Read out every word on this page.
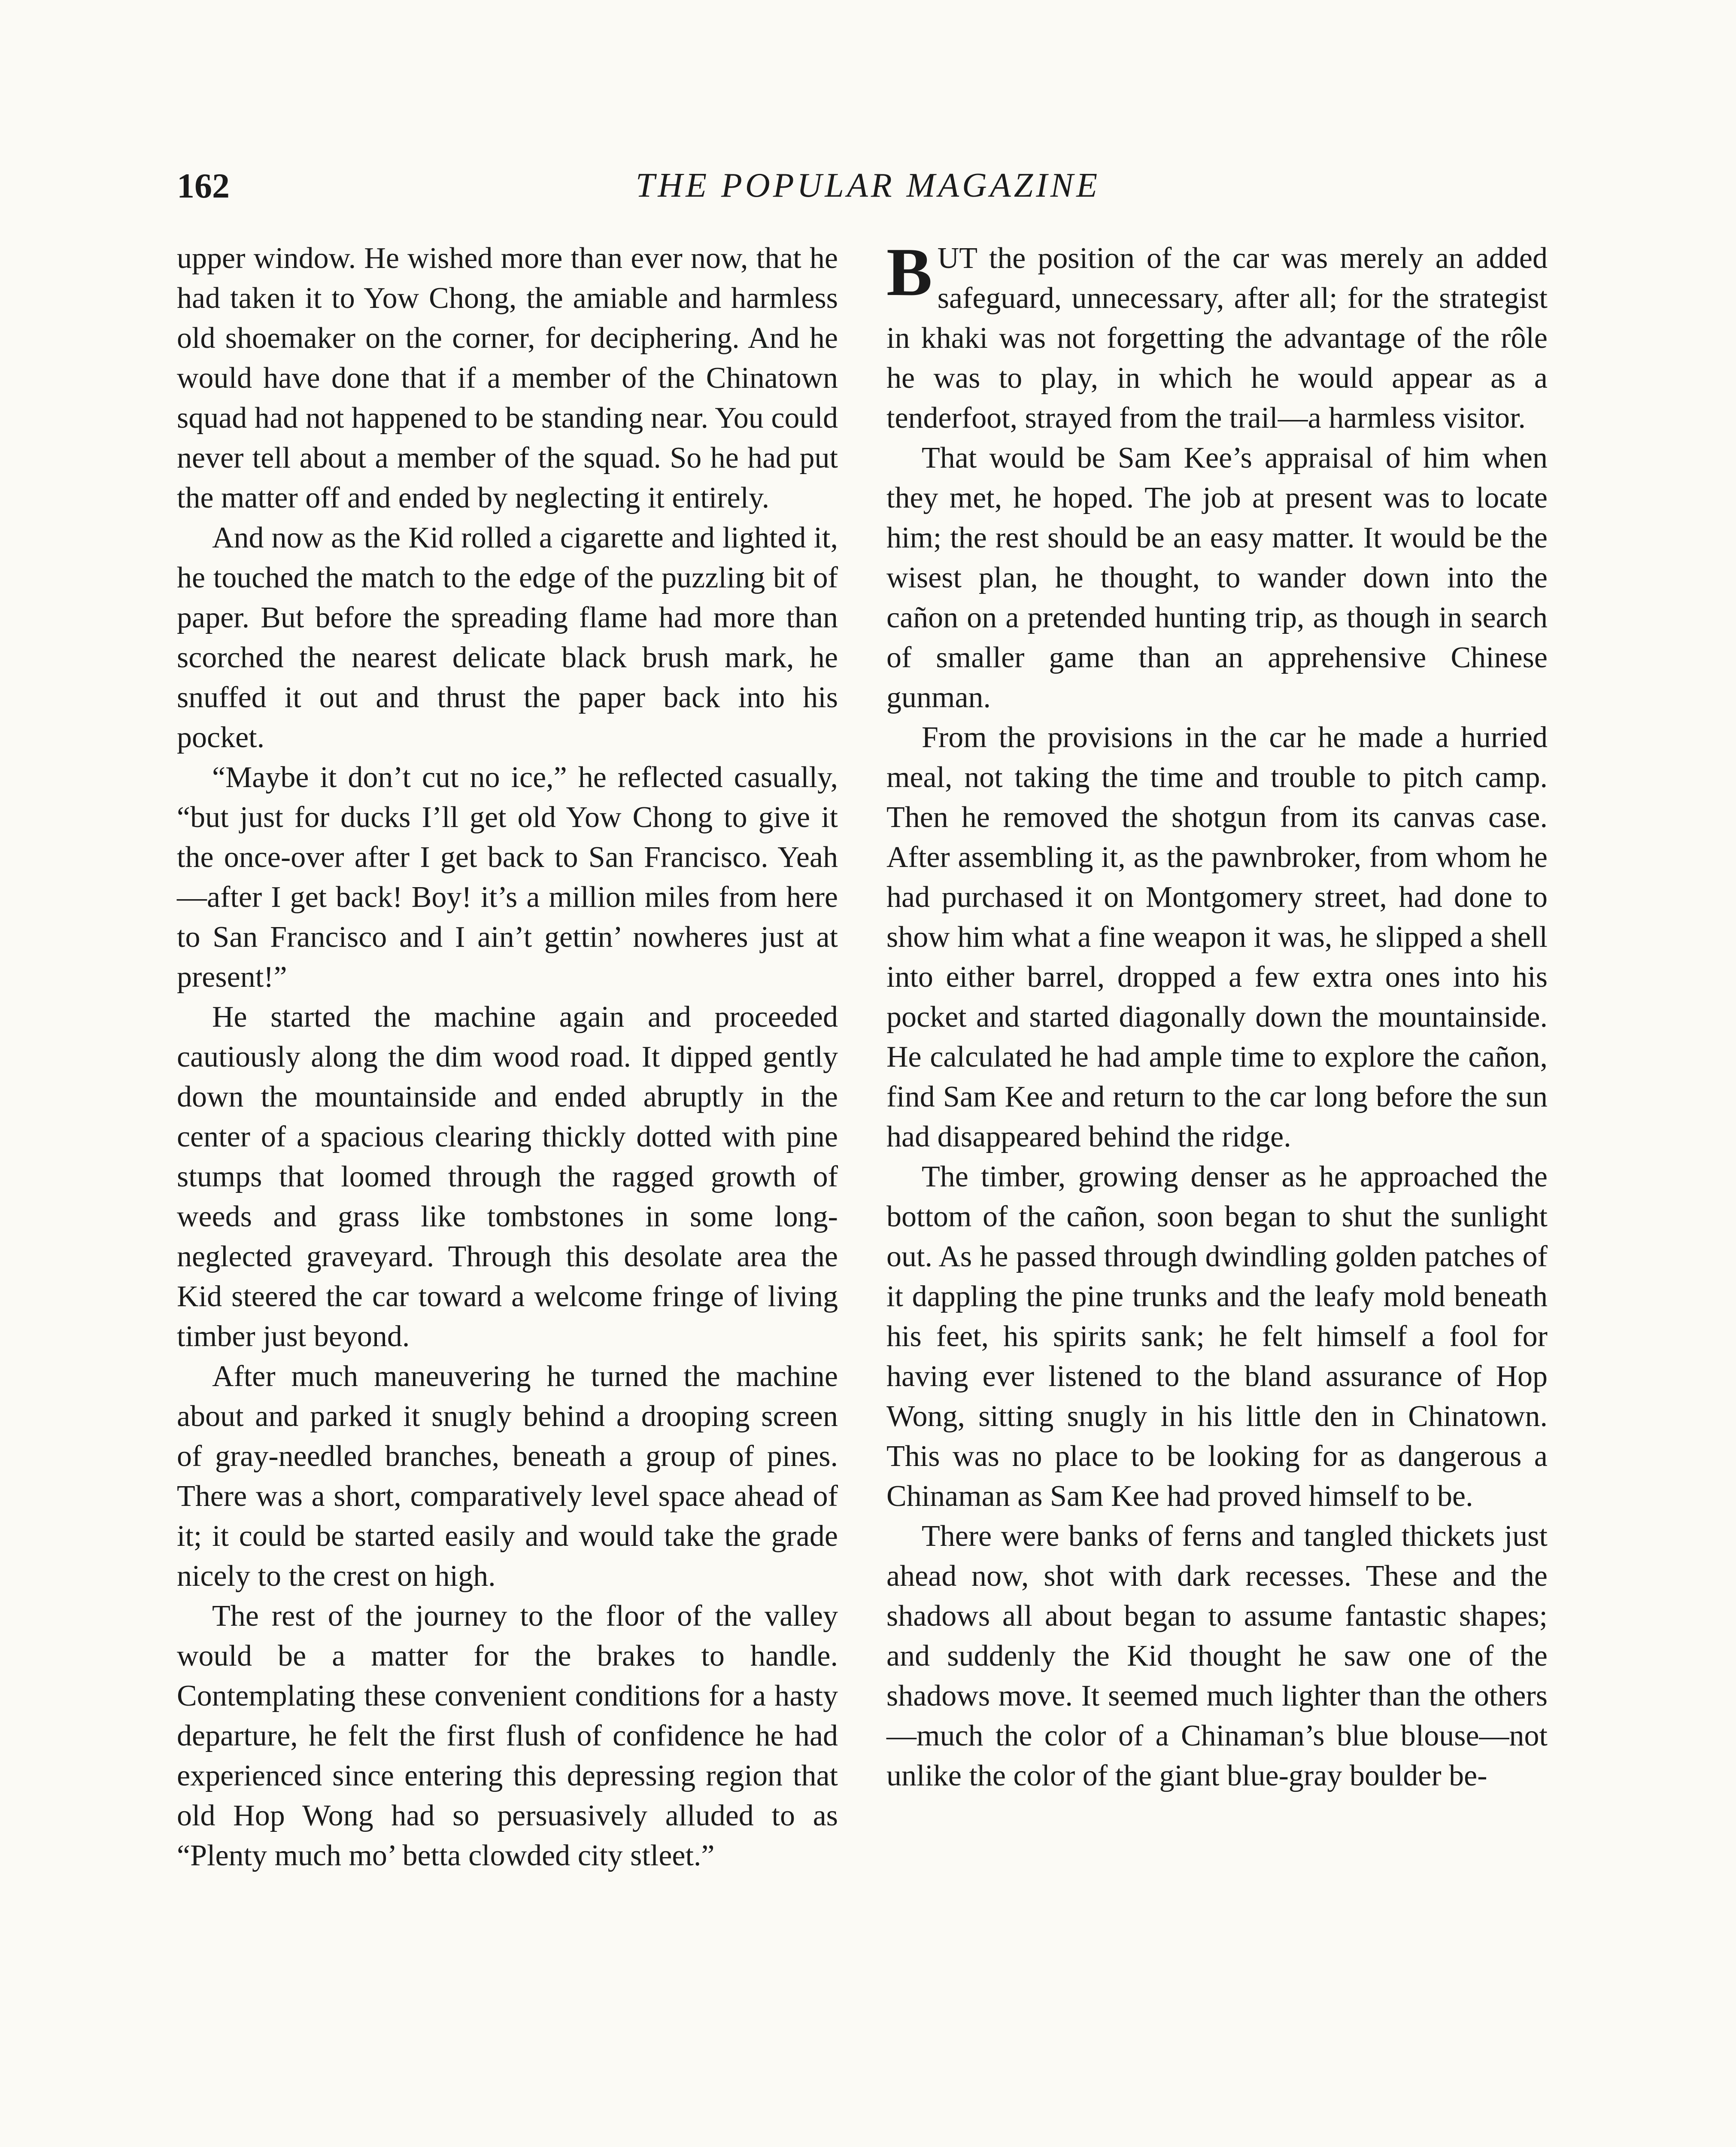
162	THE POPULAR MAGAZINE

upper window. He wished more than ever now, that he had taken it to Yow Chong, the amiable and harmless old shoemaker on the corner, for deciphering. And he would have done that if a member of the Chinatown squad had not happened to be standing near. You could never tell about a member of the squad. So he had put the matter off and ended by neglecting it entirely.

And now as the Kid rolled a cigarette and lighted it, he touched the match to the edge of the puzzling bit of paper. But before the spreading flame had more than scorched the nearest delicate black brush mark, he snuffed it out and thrust the paper back into his pocket.

“Maybe it don’t cut no ice,” he reflected casually, “but just for ducks I’ll get old Yow Chong to give it the once-over after I get back to San Francisco. Yeah—after I get back! Boy! it’s a million miles from here to San Francisco and I ain’t gettin’ nowheres just at present!”

He started the machine again and proceeded cautiously along the dim wood road. It dipped gently down the mountainside and ended abruptly in the center of a spacious clearing thickly dotted with pine stumps that loomed through the ragged growth of weeds and grass like tombstones in some long-neglected graveyard. Through this desolate area the Kid steered the car toward a welcome fringe of living timber just beyond.

After much maneuvering he turned the machine about and parked it snugly behind a drooping screen of gray-needled branches, beneath a group of pines. There was a short, comparatively level space ahead of it; it could be started easily and would take the grade nicely to the crest on high.

The rest of the journey to the floor of the valley would be a matter for the brakes to handle. Contemplating these convenient conditions for a hasty departure, he felt the first flush of confidence he had experienced since entering this depressing region that old Hop Wong had so persuasively alluded to as “Plenty much mo’ betta clowded city stleet.”

BUT the position of the car was merely an added safeguard, unnecessary, after all; for the strategist in khaki was not forgetting the advantage of the rôle he was to play, in which he would appear as a tenderfoot, strayed from the trail—a harmless visitor.

That would be Sam Kee’s appraisal of him when they met, he hoped. The job at present was to locate him; the rest should be an easy matter. It would be the wisest plan, he thought, to wander down into the cañon on a pretended hunting trip, as though in search of smaller game than an apprehensive Chinese gunman.

From the provisions in the car he made a hurried meal, not taking the time and trouble to pitch camp. Then he removed the shotgun from its canvas case. After assembling it, as the pawnbroker, from whom he had purchased it on Montgomery street, had done to show him what a fine weapon it was, he slipped a shell into either barrel, dropped a few extra ones into his pocket and started diagonally down the mountainside. He calculated he had ample time to explore the cañon, find Sam Kee and return to the car long before the sun had disappeared behind the ridge.

The timber, growing denser as he approached the bottom of the cañon, soon began to shut the sunlight out. As he passed through dwindling golden patches of it dappling the pine trunks and the leafy mold beneath his feet, his spirits sank; he felt himself a fool for having ever listened to the bland assurance of Hop Wong, sitting snugly in his little den in Chinatown. This was no place to be looking for as dangerous a Chinaman as Sam Kee had proved himself to be.

There were banks of ferns and tangled thickets just ahead now, shot with dark recesses. These and the shadows all about began to assume fantastic shapes; and suddenly the Kid thought he saw one of the shadows move. It seemed much lighter than the others—much the color of a Chinaman’s blue blouse—not unlike the color of the giant blue-gray boulder be-
